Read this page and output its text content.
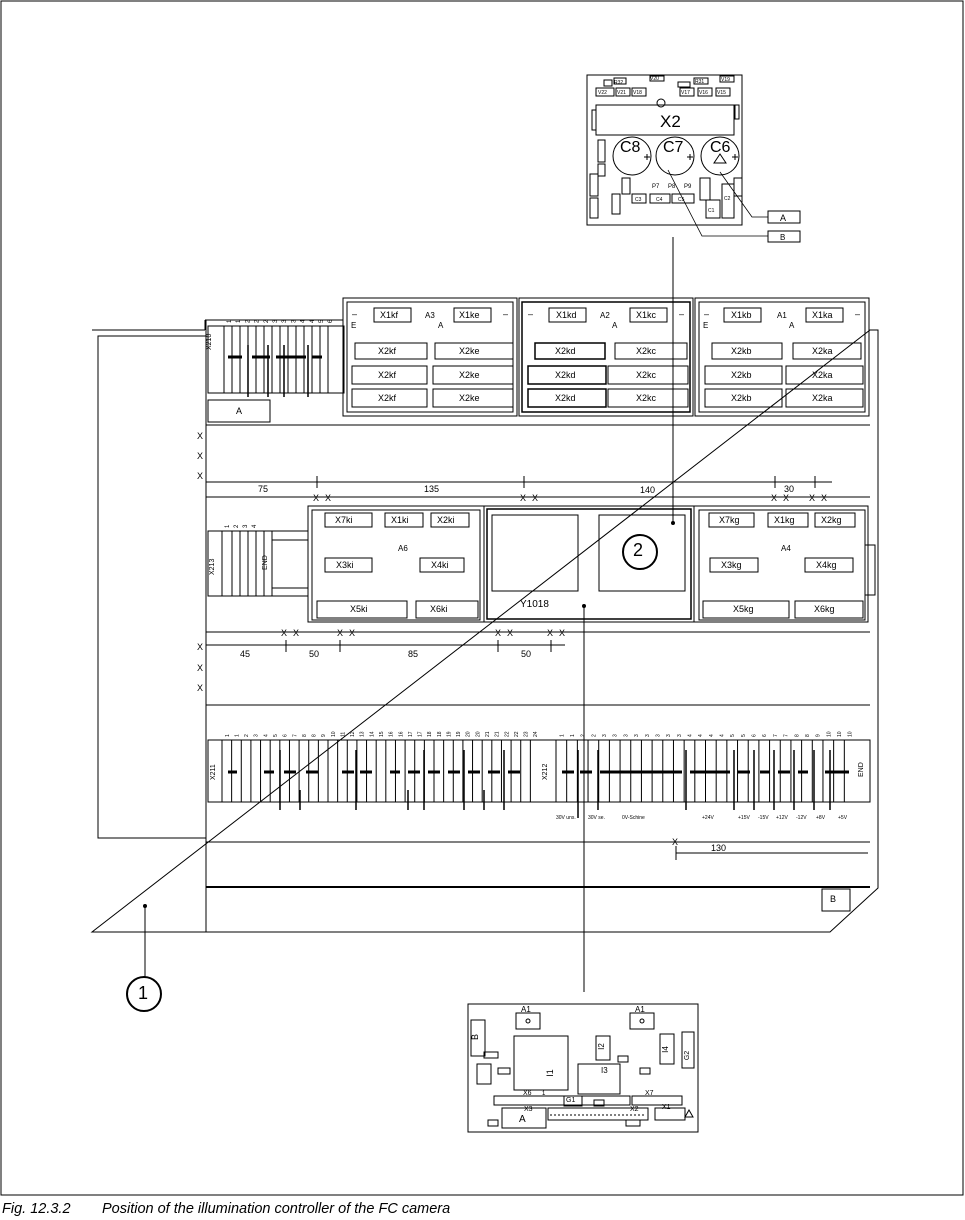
X2
C8 C7 C6
P7 P8 P9
R32
V22 V21 V18	V17 V16 V15
R31
V20	V19
C3	C4	C5
C1
C2
A
B
1 1 2 3 4 5 6 7 8 8 9 10 11 12 13 14 15 16 16 17 17 18 18 19 19 20 20 21 21 22 22 23 24	1 1 2 2 3 3 3 3 3 3 3 3 4 4 4 4 5 5 6 6 7 7 8 8 9 10 10 10
1 1 2 2 2 3 3 3 4 4 5 6
1 2 3 4
1
2
Y1018
A3
X1kf	X1ke
X2kf
X2kf
X2kf
X2ke
X2ke
X2ke
A2
X1kd	X1kc
X2kd
X2kd
X2kd
X2kc
X2kc
X2kc
A1
X1kb	X1ka
X2kb
X2kb
X2kb
X2ka
X2ka
X2ka
A6
X7ki	X1ki	X2ki
X3ki	X4ki
X5ki	X6ki
A4
X7kg	X1kg	X2kg
X3kg	X4kg
X5kg	X6kg
E	A	A	E	A
–	– –	– –	–
X210
X213	END
X211	X212	END
A
B
X
X
X
X
X
X
X X	X X	X X X X
X X	X X	X X	X X
X
75	135	140	30
45	50	85	50
130
30V uns. 30V se.	0V-Schine	+24V	+15V -15V +12V -12V +8V	+5V
A1	A1
B
I1
I2
I3
I4
X6	X7
X3	X2	X1
G1
G2
A
1
Fig. 12.3.2 Position of the illumination controller of the FC camera
